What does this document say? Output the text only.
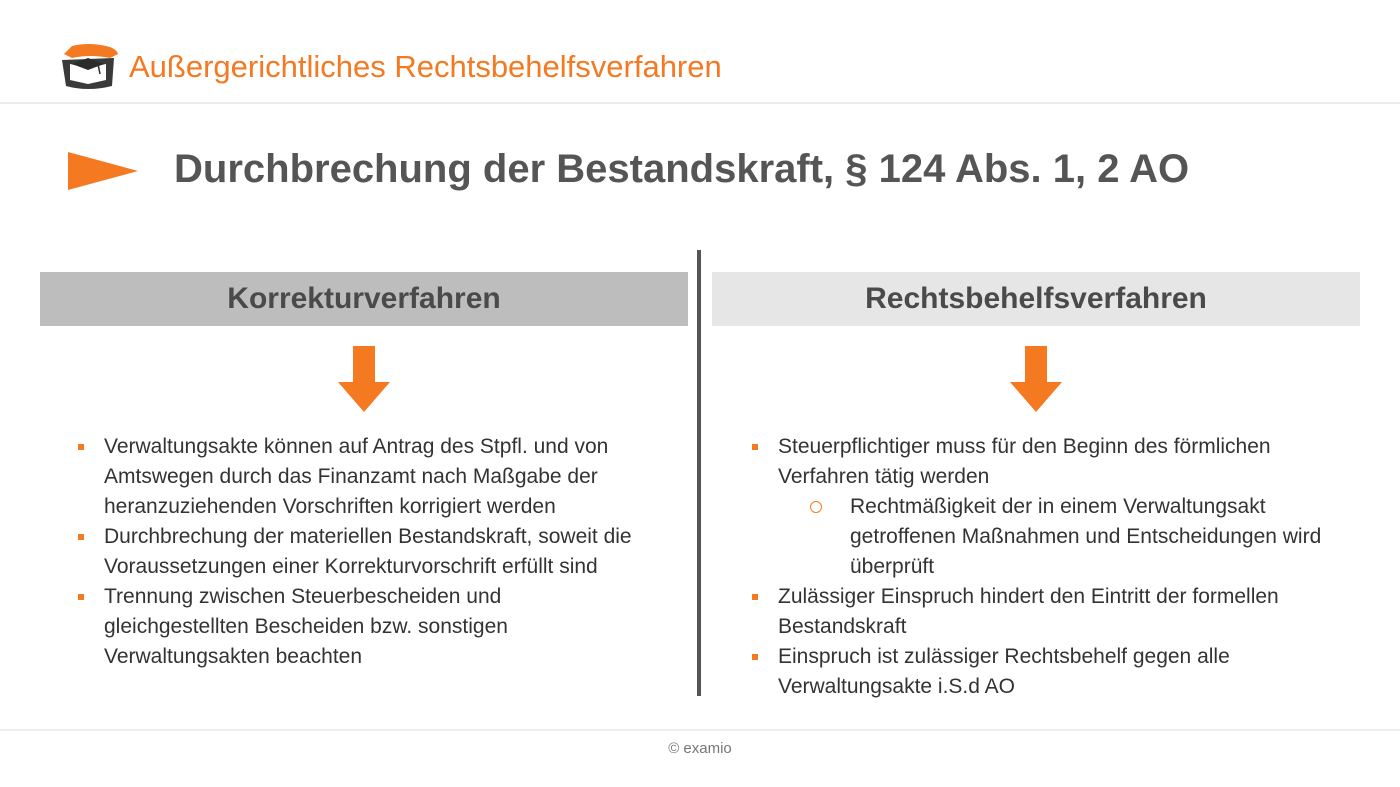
Außergerichtliches Rechtsbehelfsverfahren
Durchbrechung der Bestandskraft, § 124 Abs. 1, 2 AO
Korrekturverfahren
Verwaltungsakte können auf Antrag des Stpfl. und von Amtswegen durch das Finanzamt nach Maßgabe der heranzuziehenden Vorschriften korrigiert werden
Durchbrechung der materiellen Bestandskraft, soweit die Voraussetzungen einer Korrekturvorschrift erfüllt sind
Trennung zwischen Steuerbescheiden und gleichgestellten Bescheiden bzw. sonstigen Verwaltungsakten beachten
Rechtsbehelfsverfahren
Steuerpflichtiger muss für den Beginn des förmlichen Verfahren tätig werden
Rechtmäßigkeit der in einem Verwaltungsakt getroffenen Maßnahmen und Entscheidungen wird überprüft
Zulässiger Einspruch hindert den Eintritt der formellen Bestandskraft
Einspruch ist zulässiger Rechtsbehelf gegen alle Verwaltungsakte i.S.d AO
© examio
